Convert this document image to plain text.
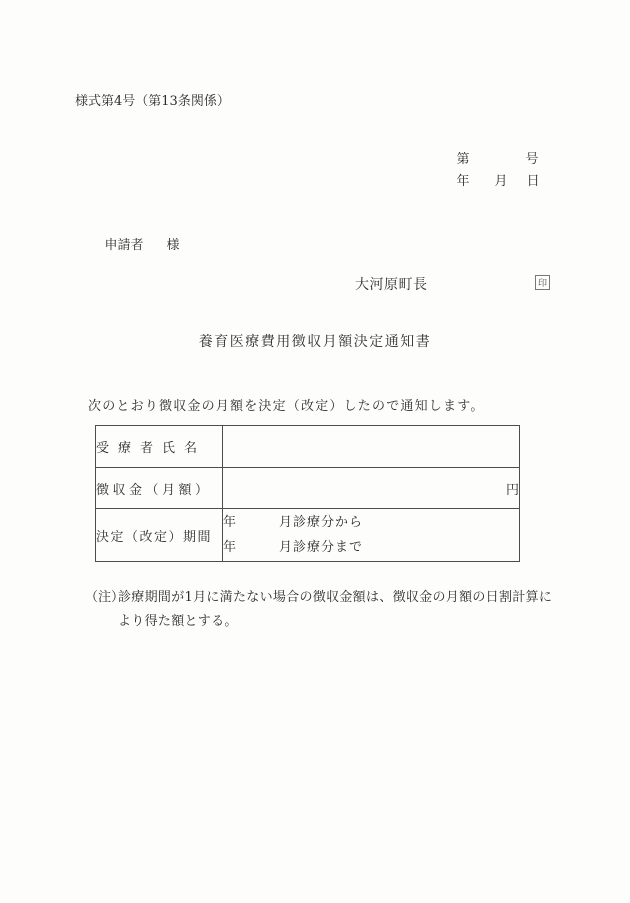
様式第4号（第13条関係）

第	号

年 月 日

申請者 様

大河原町長	印
養育医療費用徴収月額決定通知書
次のとおり徴収金の月額を決定（改定）したので通知します。
受療者氏名	
徴収金（月額）	円
決定（改定）期間	年　　　月診療分から
年　　　月診療分まで
（注）
診療期間が1月に満たない場合の徴収金額は、徴収金の月額の日割計算に
より得た額とする。
